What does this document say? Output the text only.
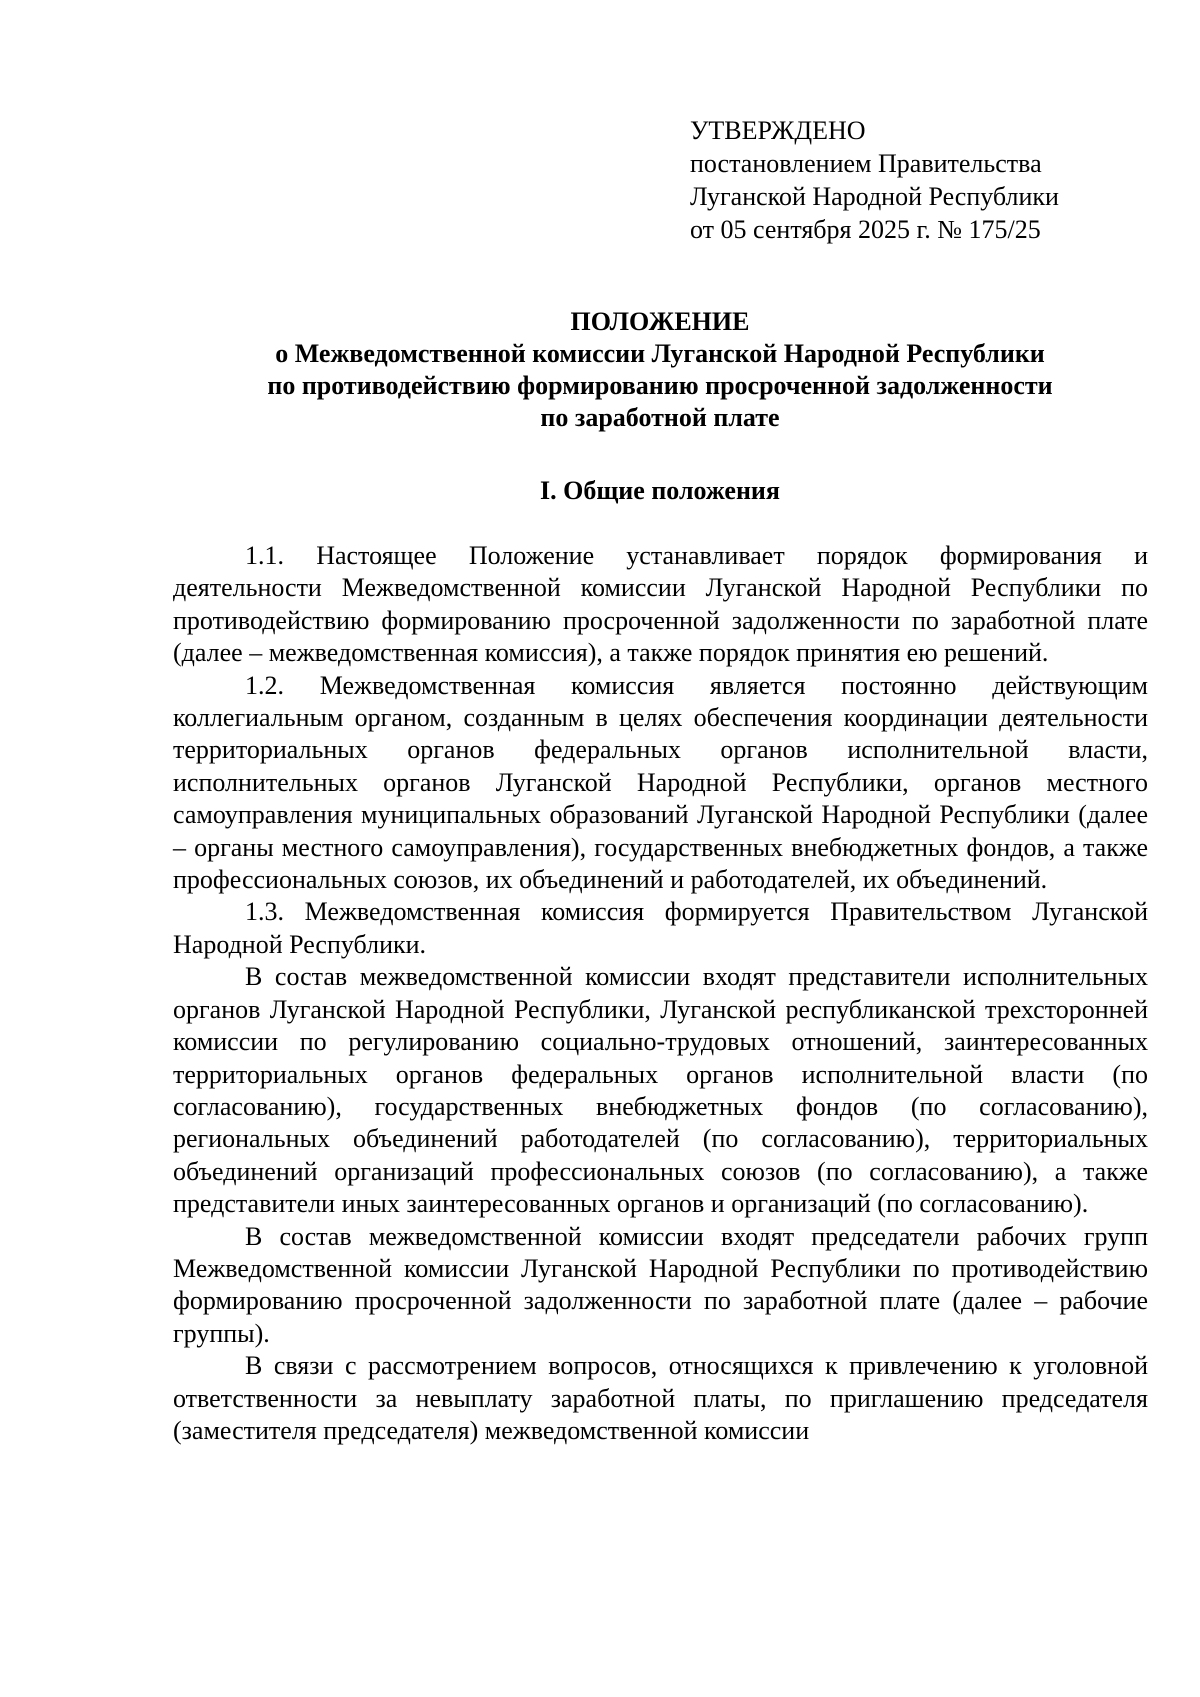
УТВЕРЖДЕНО
постановлением Правительства
Луганской Народной Республики
от 05 сентября 2025 г. № 175/25
ПОЛОЖЕНИЕ
о Межведомственной комиссии Луганской Народной Республики
по противодействию формированию просроченной задолженности
по заработной плате
I. Общие положения

1.1. Настоящее Положение устанавливает порядок формирования и деятельности Межведомственной комиссии Луганской Народной Республики по противодействию формированию просроченной задолженности по заработной плате (далее – межведомственная комиссия), а также порядок принятия ею решений.

1.2. Межведомственная комиссия является постоянно действующим коллегиальным органом, созданным в целях обеспечения координации деятельности территориальных органов федеральных органов исполнительной власти, исполнительных органов Луганской Народной Республики, органов местного самоуправления муниципальных образований Луганской Народной Республики (далее – органы местного самоуправления), государственных внебюджетных фондов, а также профессиональных союзов, их объединений и работодателей, их объединений.

1.3. Межведомственная комиссия формируется Правительством Луганской Народной Республики.

В состав межведомственной комиссии входят представители исполнительных органов Луганской Народной Республики, Луганской республиканской трехсторонней комиссии по регулированию социально-трудовых отношений, заинтересованных территориальных органов федеральных органов исполнительной власти (по согласованию), государственных внебюджетных фондов (по согласованию), региональных объединений работодателей (по согласованию), территориальных объединений организаций профессиональных союзов (по согласованию), а также представители иных заинтересованных органов и организаций (по согласованию).

В состав межведомственной комиссии входят председатели рабочих групп Межведомственной комиссии Луганской Народной Республики по противодействию формированию просроченной задолженности по заработной плате (далее – рабочие группы).

В связи с рассмотрением вопросов, относящихся к привлечению к уголовной ответственности за невыплату заработной платы, по приглашению председателя (заместителя председателя) межведомственной комиссии
